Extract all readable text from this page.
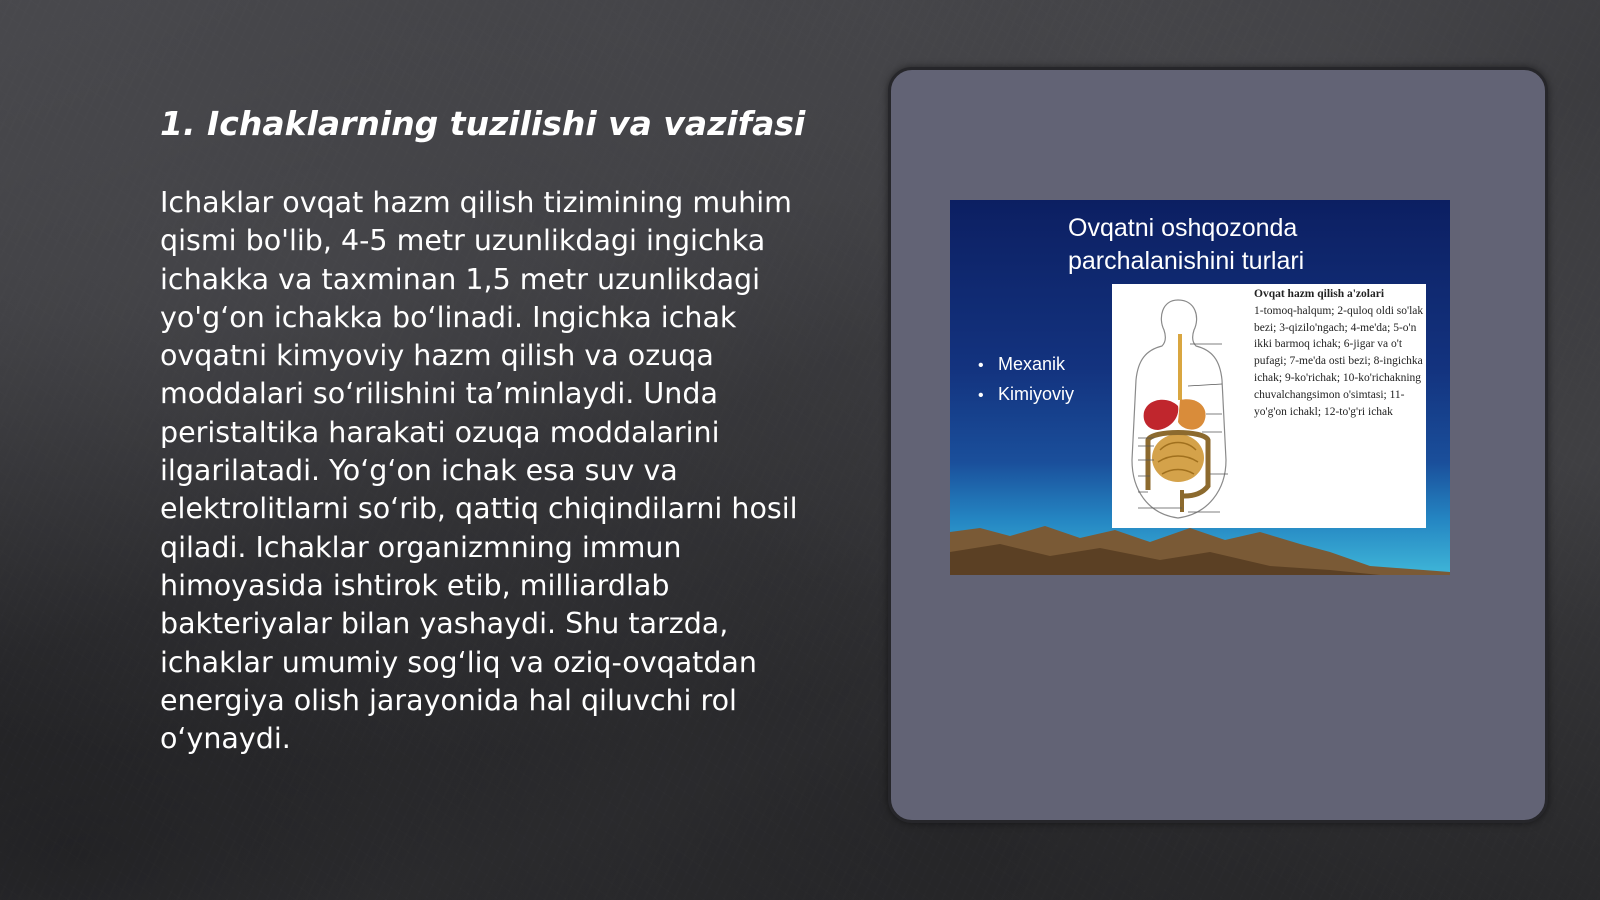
1. Ichaklarning tuzilishi va vazifasi

Ichaklar ovqat hazm qilish tizimining muhim qismi bo'lib, 4-5 metr uzunlikdagi ingichka ichakka va taxminan 1,5 metr uzunlikdagi yo'g‘on ichakka bo‘linadi. Ingichka ichak ovqatni kimyoviy hazm qilish va ozuqa moddalari so‘rilishini ta’minlaydi. Unda peristaltika harakati ozuqa moddalarini ilgarilatadi. Yo‘g‘on ichak esa suv va elektrolitlarni so‘rib, qattiq chiqindilarni hosil qiladi. Ichaklar organizmning immun himoyasida ishtirok etib, milliardlab bakteriyalar bilan yashaydi. Shu tarzda, ichaklar umumiy sog‘liq va oziq-ovqatdan energiya olish jarayonida hal qiluvchi rol o‘ynaydi.

Ovqatni oshqozonda parchalanishini turlari
• Mexanik
• Kimiyoviy
Ovqat hazm qilish a'zolari
1-tomoq-halqum; 2-quloq oldi so'lak bezi; 3-qizilo'ngach; 4-me'da; 5-o'n ikki barmoq ichak; 6-jigar va o't pufagi; 7-me'da osti bezi; 8-ingichka ichak; 9-ko'richak; 10-ko'richakning chuvalchangsimon o'simtasi; 11-yo'g'on ichakl; 12-to'g'ri ichak
